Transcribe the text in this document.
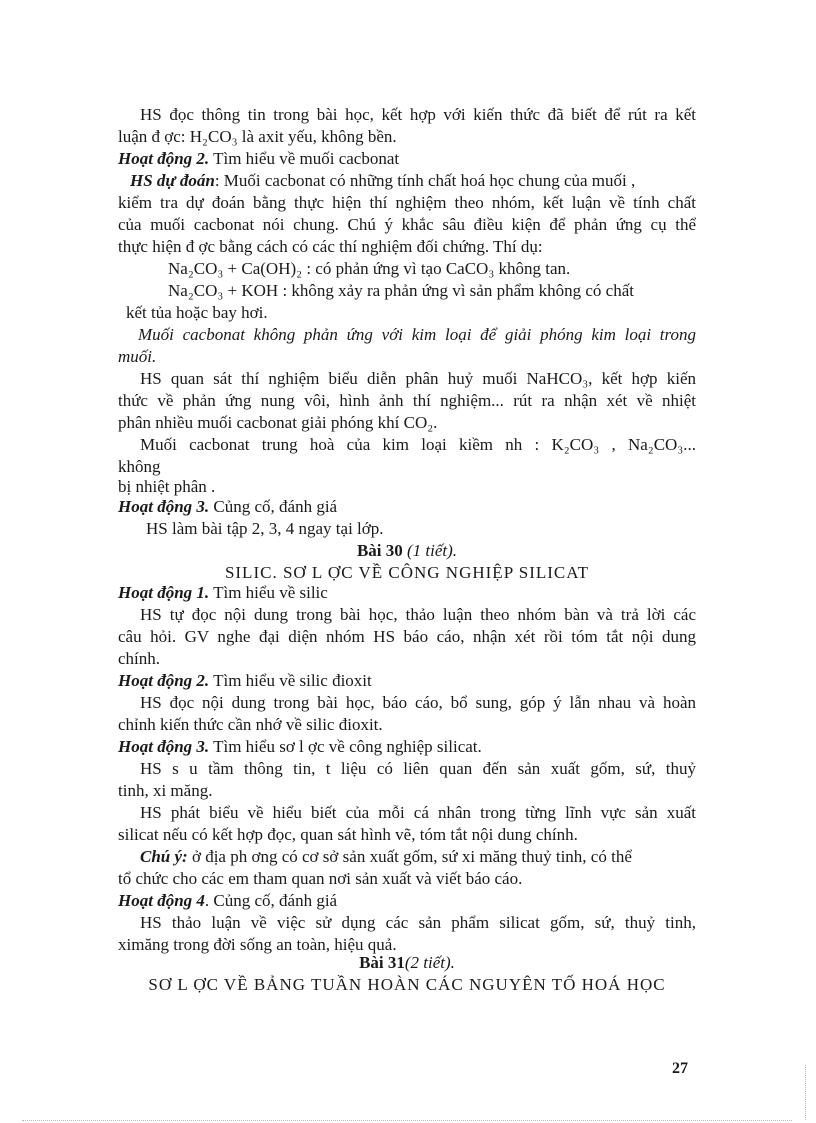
HS đọc thông tin trong bài học, kết hợp với kiến thức đã biết để rút ra kết
luận đ ợc: H₂CO₃ là axit yếu, không bền.
Hoạt động 2. Tìm hiểu về muối cacbonat
HS dự đoán: Muối cacbonat có những tính chất hoá học chung của muối ,
kiểm tra dự đoán bằng thực hiện thí nghiệm theo nhóm, kết luận về tính chất
của muối cacbonat nói chung. Chú ý khắc sâu điều kiện để phản ứng cụ thể
thực hiện đ ợc bằng cách có các thí nghiệm đối chứng. Thí dụ:
Na₂CO₃ + Ca(OH)₂ : có phản ứng vì tạo CaCO₃ không tan.
Na₂CO₃ + KOH : không xảy ra phản ứng vì sản phẩm không có chất
kết tủa hoặc bay hơi.
Muối cacbonat không phản ứng với kim loại để giải phóng kim loại trong
muối.
HS quan sát thí nghiệm biểu diễn phân huỷ muối NaHCO₃, kết hợp kiến
thức về phản ứng nung vôi, hình ảnh thí nghiệm... rút ra nhận xét về nhiệt
phân nhiều muối cacbonat giải phóng khí CO₂.
Muối cacbonat trung hoà của kim loại kiềm nh : K₂CO₃ , Na₂CO₃...
không
bị nhiệt phân .
Hoạt động 3. Củng cố, đánh giá
HS làm bài tập 2, 3, 4 ngay tại lớp.
Bài 30 (1 tiết).
SILIC. SƠ L ỢC VỀ CÔNG NGHIỆP SILICAT
Hoạt động 1. Tìm hiểu về silic
HS tự đọc nội dung trong bài học, thảo luận theo nhóm bàn và trả lời các
câu hỏi. GV nghe đại diện nhóm HS báo cáo, nhận xét rồi tóm tắt nội dung
chính.
Hoạt động 2. Tìm hiểu về silic đioxit
HS đọc nội dung trong bài học, báo cáo, bổ sung, góp ý lẫn nhau và hoàn
chỉnh kiến thức cần nhớ về silic đioxit.
Hoạt động 3. Tìm hiểu sơ l ợc về công nghiệp silicat.
HS s u tầm thông tin, t liệu có liên quan đến sản xuất gốm, sứ, thuỷ
tinh, xi măng.
HS phát biểu về hiểu biết của mỗi cá nhân trong từng lĩnh vực sản xuất
silicat nếu có kết hợp đọc, quan sát hình vẽ, tóm tắt nội dung chính.
Chú ý: ở địa ph ơng có cơ sở sản xuất gốm, sứ xi măng thuỷ tinh, có thể
tổ chức cho các em tham quan nơi sản xuất và viết báo cáo.
Hoạt động 4. Củng cố, đánh giá
HS thảo luận về việc sử dụng các sản phẩm silicat gốm, sứ, thuỷ tinh,
ximăng trong đời sống an toàn, hiệu quả.
Bài 31(2 tiết).
SƠ L ỢC VỀ BẢNG TUẦN HOÀN CÁC NGUYÊN TỐ HOÁ HỌC
27
